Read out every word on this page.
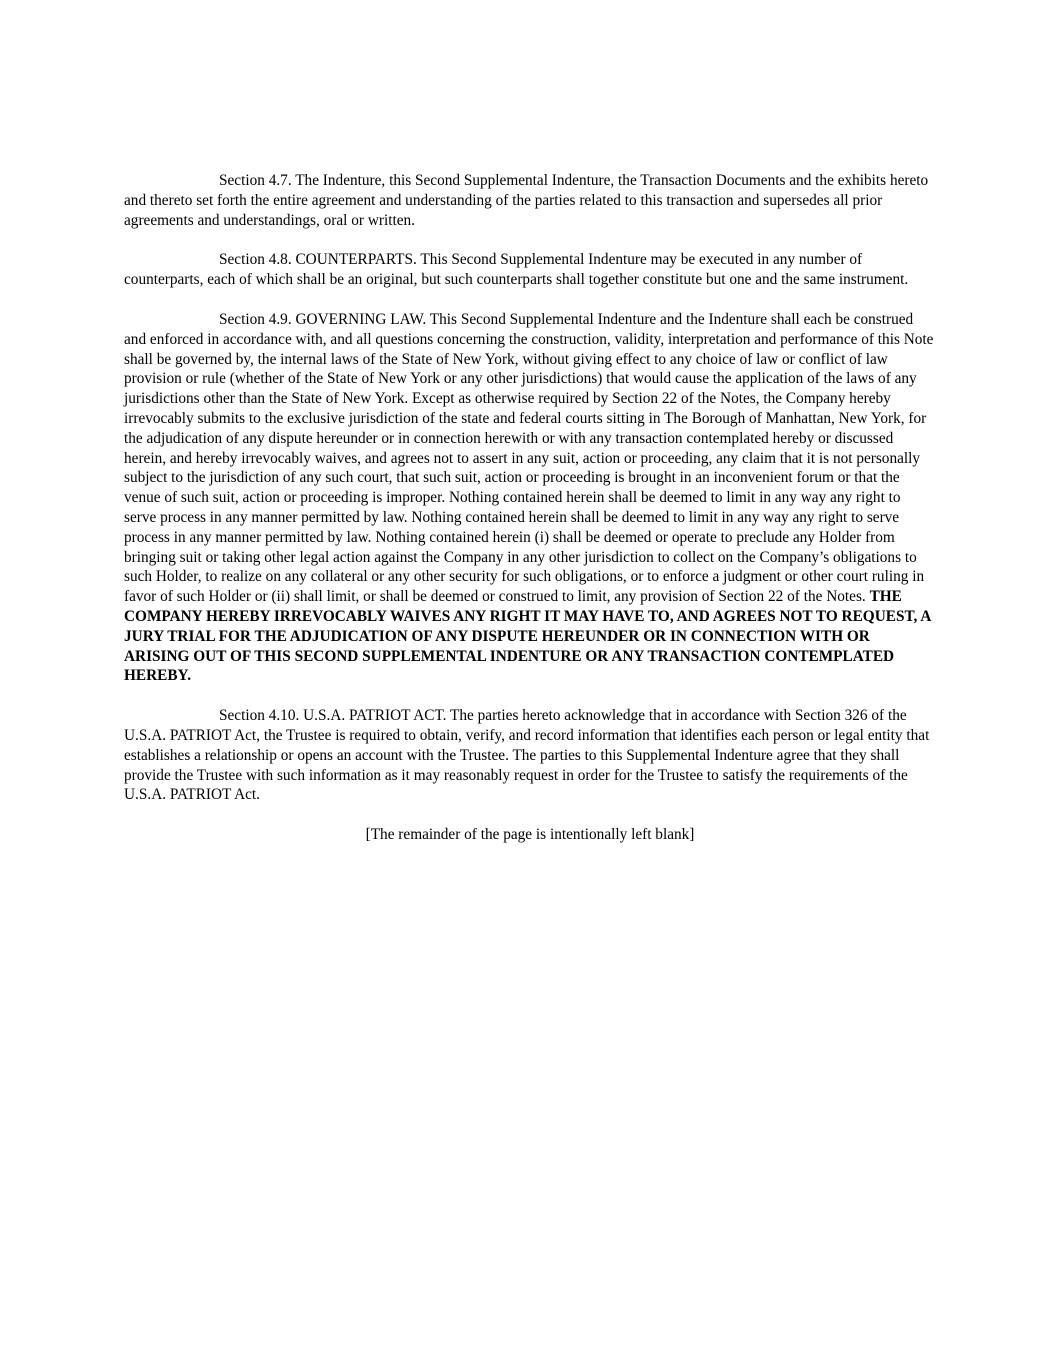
Section 4.7. The Indenture, this Second Supplemental Indenture, the Transaction Documents and the exhibits hereto and thereto set forth the entire agreement and understanding of the parties related to this transaction and supersedes all prior agreements and understandings, oral or written.

Section 4.8. COUNTERPARTS. This Second Supplemental Indenture may be executed in any number of counterparts, each of which shall be an original, but such counterparts shall together constitute but one and the same instrument.

Section 4.9. GOVERNING LAW. This Second Supplemental Indenture and the Indenture shall each be construed and enforced in accordance with, and all questions concerning the construction, validity, interpretation and performance of this Note shall be governed by, the internal laws of the State of New York, without giving effect to any choice of law or conflict of law provision or rule (whether of the State of New York or any other jurisdictions) that would cause the application of the laws of any jurisdictions other than the State of New York. Except as otherwise required by Section 22 of the Notes, the Company hereby irrevocably submits to the exclusive jurisdiction of the state and federal courts sitting in The Borough of Manhattan, New York, for the adjudication of any dispute hereunder or in connection herewith or with any transaction contemplated hereby or discussed herein, and hereby irrevocably waives, and agrees not to assert in any suit, action or proceeding, any claim that it is not personally subject to the jurisdiction of any such court, that such suit, action or proceeding is brought in an inconvenient forum or that the venue of such suit, action or proceeding is improper. Nothing contained herein shall be deemed to limit in any way any right to serve process in any manner permitted by law. Nothing contained herein shall be deemed to limit in any way any right to serve process in any manner permitted by law. Nothing contained herein (i) shall be deemed or operate to preclude any Holder from bringing suit or taking other legal action against the Company in any other jurisdiction to collect on the Company’s obligations to such Holder, to realize on any collateral or any other security for such obligations, or to enforce a judgment or other court ruling in favor of such Holder or (ii) shall limit, or shall be deemed or construed to limit, any provision of Section 22 of the Notes. THE COMPANY HEREBY IRREVOCABLY WAIVES ANY RIGHT IT MAY HAVE TO, AND AGREES NOT TO REQUEST, A JURY TRIAL FOR THE ADJUDICATION OF ANY DISPUTE HEREUNDER OR IN CONNECTION WITH OR ARISING OUT OF THIS SECOND SUPPLEMENTAL INDENTURE OR ANY TRANSACTION CONTEMPLATED HEREBY.

Section 4.10. U.S.A. PATRIOT ACT. The parties hereto acknowledge that in accordance with Section 326 of the U.S.A. PATRIOT Act, the Trustee is required to obtain, verify, and record information that identifies each person or legal entity that establishes a relationship or opens an account with the Trustee. The parties to this Supplemental Indenture agree that they shall provide the Trustee with such information as it may reasonably request in order for the Trustee to satisfy the requirements of the U.S.A. PATRIOT Act.

[The remainder of the page is intentionally left blank]
